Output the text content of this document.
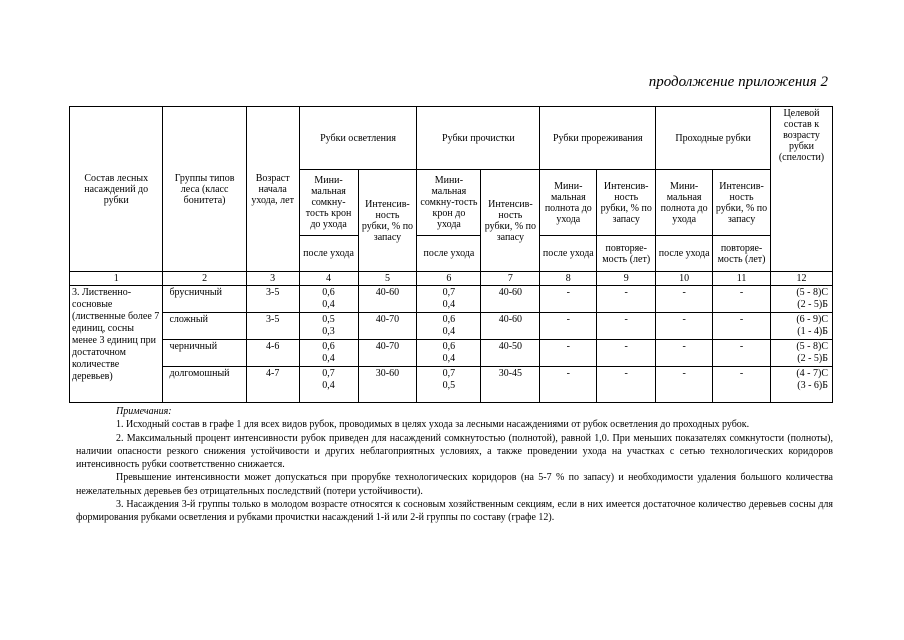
продолжение приложения 2
Состав лесных насаждений до рубки	Группы типов леса (класс бонитета)	Возраст начала ухода, лет	Рубки осветления		Рубки прочистки		Рубки прореживания		Проходные рубки		Целевой состав к возрасту рубки (спелости)
			Мини-мальная сомкну-тость крон до ухода	Интенсив-ность рубки, % по запасу	Мини-мальная сомкну-тость крон до ухода	Интенсив-ность рубки, % по запасу	Мини-мальная полнота до ухода	Интенсив-ность рубки, % по запасу	Мини-мальная полнота до ухода	Интенсив-ность рубки, % по запасу	
			после ухода		после ухода		после ухода	повторяе-мость (лет)	после ухода	повторяе-мость (лет)	
1	2	3	4	5	6	7	8	9	10	11	12
3. Лиственно-сосновые (лиственные более 7 единиц, сосны менее 3 единиц при достаточном количестве деревьев)	брусничный	3-5	0,6
0,4	40-60	0,7
0,4	40-60	-	-	-	-	(5 - 8)С
(2 - 5)Б
	сложный	3-5	0,5
0,3	40-70	0,6
0,4	40-60	-	-	-	-	(6 - 9)С
(1 - 4)Б
	черничный	4-6	0,6
0,4	40-70	0,6
0,4	40-50	-	-	-	-	(5 - 8)С
(2 - 5)Б
	долгомошный	4-7	0,7
0,4	30-60	0,7
0,5	30-45	-	-	-	-	(4 - 7)С
(3 - 6)Б

Примечания:

1. Исходный состав в графе 1 для всех видов рубок, проводимых в целях ухода за лесными насаждениями от рубок осветления до проходных рубок.

2. Максимальный процент интенсивности рубок приведен для насаждений сомкнутостью (полнотой), равной 1,0. При меньших показателях сомкнутости (полноты), наличии опасности резкого снижения устойчивости и других неблагоприятных условиях, а также проведении ухода на участках с сетью технологических коридоров интенсивность рубки соответственно снижается.

Превышение интенсивности может допускаться при прорубке технологических коридоров (на 5-7 % по запасу) и необходимости удаления большого количества нежелательных деревьев без отрицательных последствий (потери устойчивости).

3. Насаждения 3-й группы только в молодом возрасте относятся к сосновым хозяйственным секциям, если в них имеется достаточное количество деревьев сосны для формирования рубками осветления и рубками прочистки насаждений 1-й или 2-й группы по составу (графе 12).
